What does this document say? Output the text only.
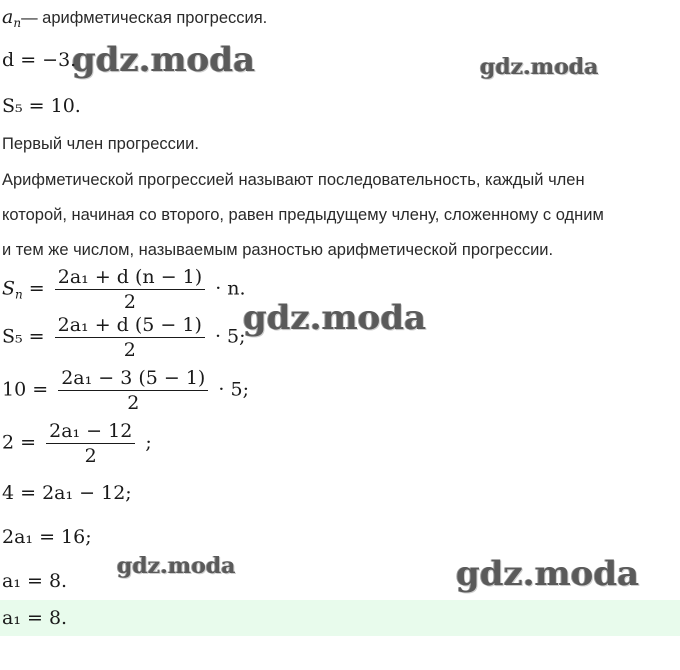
gdz.moda	gdz.moda
gdz.moda
gdz.moda	gdz.moda
$a_n—$ арифметическая прогрессия.
d = −3.
S₅ = 10.
Первый член прогрессии.
Арифметической прогрессией называют последовательность, каждый член
которой, начиная со второго, равен предыдущему члену, сложенному с одним
и тем же числом, называемым разностью арифметической прогрессии.
$S_n = \frac{\text{2a₁ + d (n − 1)}}{2} \cdot n$.
$S_5 = \frac{\text{2a₁ + d (5 − 1)}}{2} \cdot 5$;
$10 = \frac{\text{2a₁ − 3 (5 − 1)}}{2} \cdot 5$;
$2 = \frac{\text{2a₁ − 12}}{2}$ ;
4 = 2a₁ − 12;
2a₁ = 16;
a₁ = 8.
a₁ = 8.
